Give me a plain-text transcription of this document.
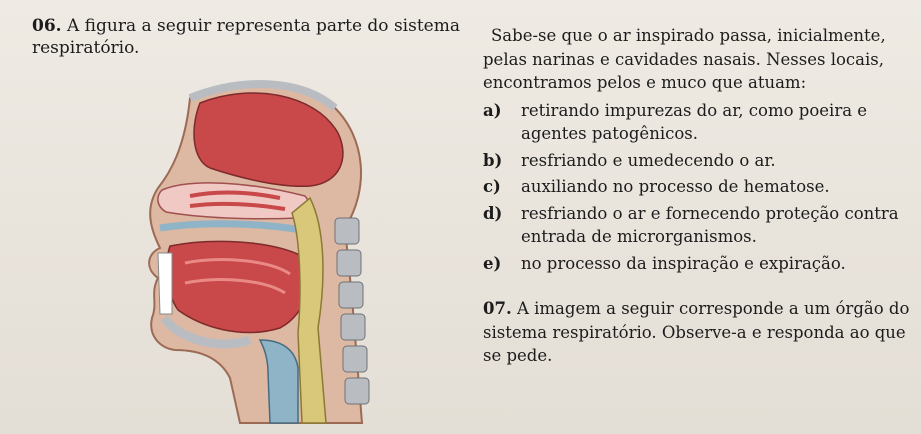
06. A figura a seguir representa parte do sistema respiratório.

Sabe-se que o ar inspirado passa, inicialmente, pelas narinas e cavidades nasais. Nesses locais, encontramos pelos e muco que atuam:

a) retirando impurezas do ar, como poeira e agentes patogênicos.
b) resfriando e umedecendo o ar.
c) auxiliando no processo de hematose.
d) resfriando o ar e fornecendo proteção contra entrada de microrganismos.
e) no processo da inspiração e expiração.
07. A imagem a seguir corresponde a um órgão do sistema respiratório. Observe-a e responda ao que se pede.
